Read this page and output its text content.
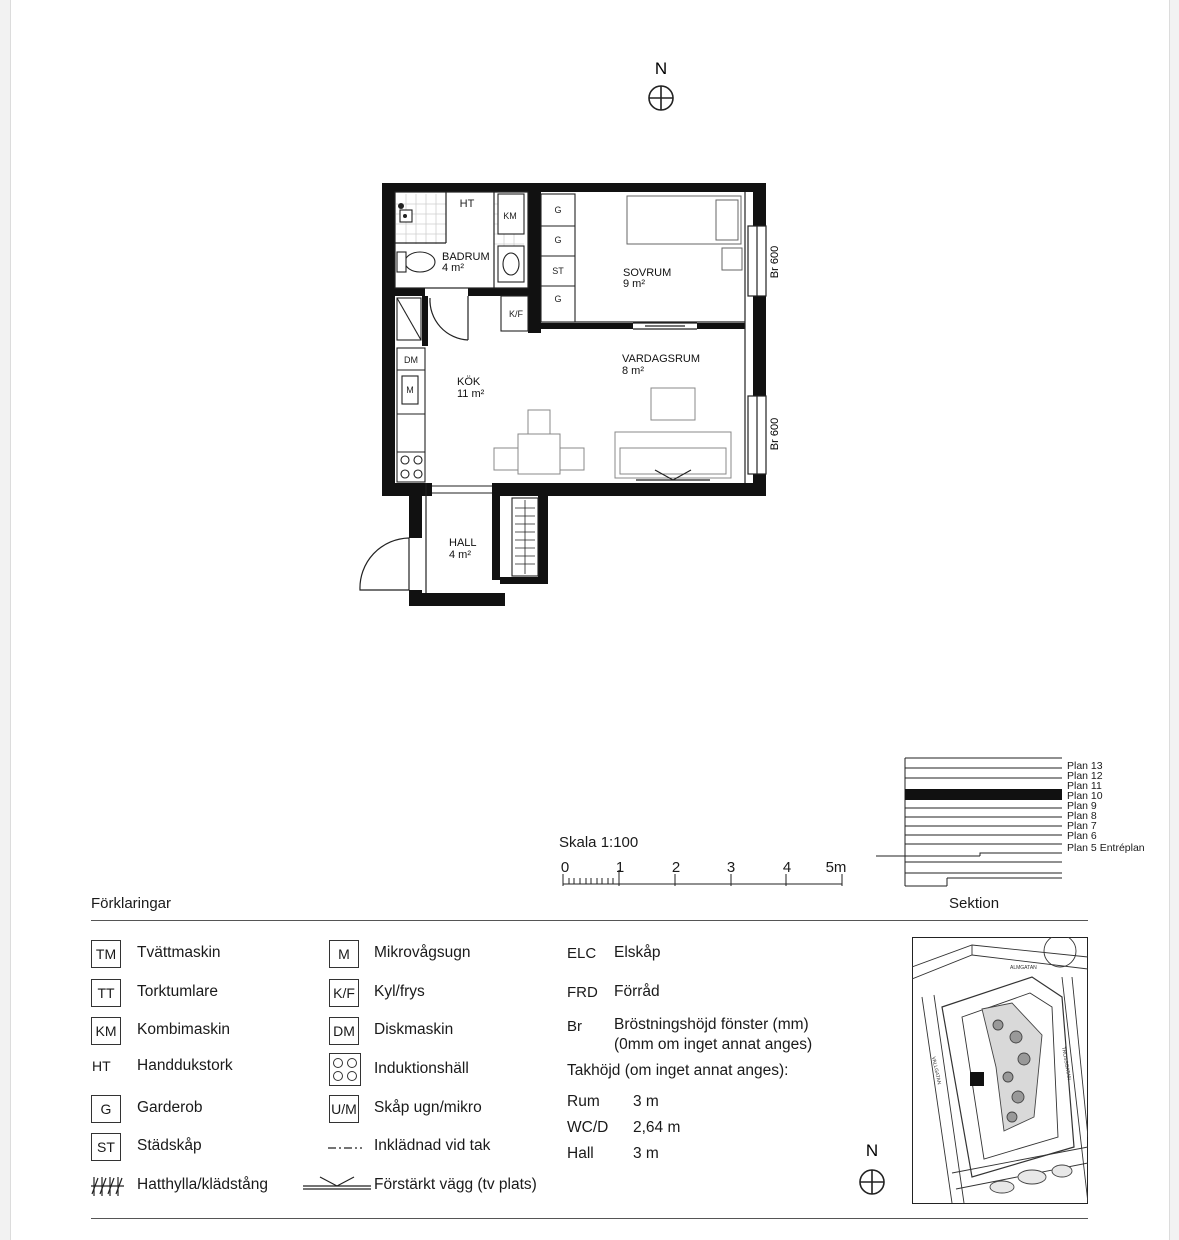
N
Br 600
Br 600
HT
KM
K/F
DM
M
G
G
ST
G
BADRUM
4 m²	SOVRUM
9 m²
VARDAGSRUM
8 m²
KÖK
11 m²
HALL
4 m²
Plan 13
Plan 12
Plan 11
Plan 10
Plan 9
Plan 8
Plan 7
Plan 6
Plan 5 Entréplan
Skala 1:100
0	1	2	3	4 5m
Förklaringar	Sektion
TM	Tvättmaskin
TT	Torktumlare
KM Kombimaskin
HT Handdukstork
G	Garderob
ST	Städskåp
Hatthylla/klädstång
M	Mikrovågsugn
K/F Kyl/frys
DM Diskmaskin
Induktionshäll
U/M Skåp ugn/mikro
Inklädnad vid tak
Förstärkt vägg (tv plats)
ELC Elskåp
FRD Förråd
Br Bröstningshöjd fönster (mm)
(0mm om inget annat anges)
Takhöjd (om inget annat anges):
Rum 3 m
WC/D 2,64 m
Hall	3 m	N
ALMGATAN
TROSSGATAN
VALLGATAN
